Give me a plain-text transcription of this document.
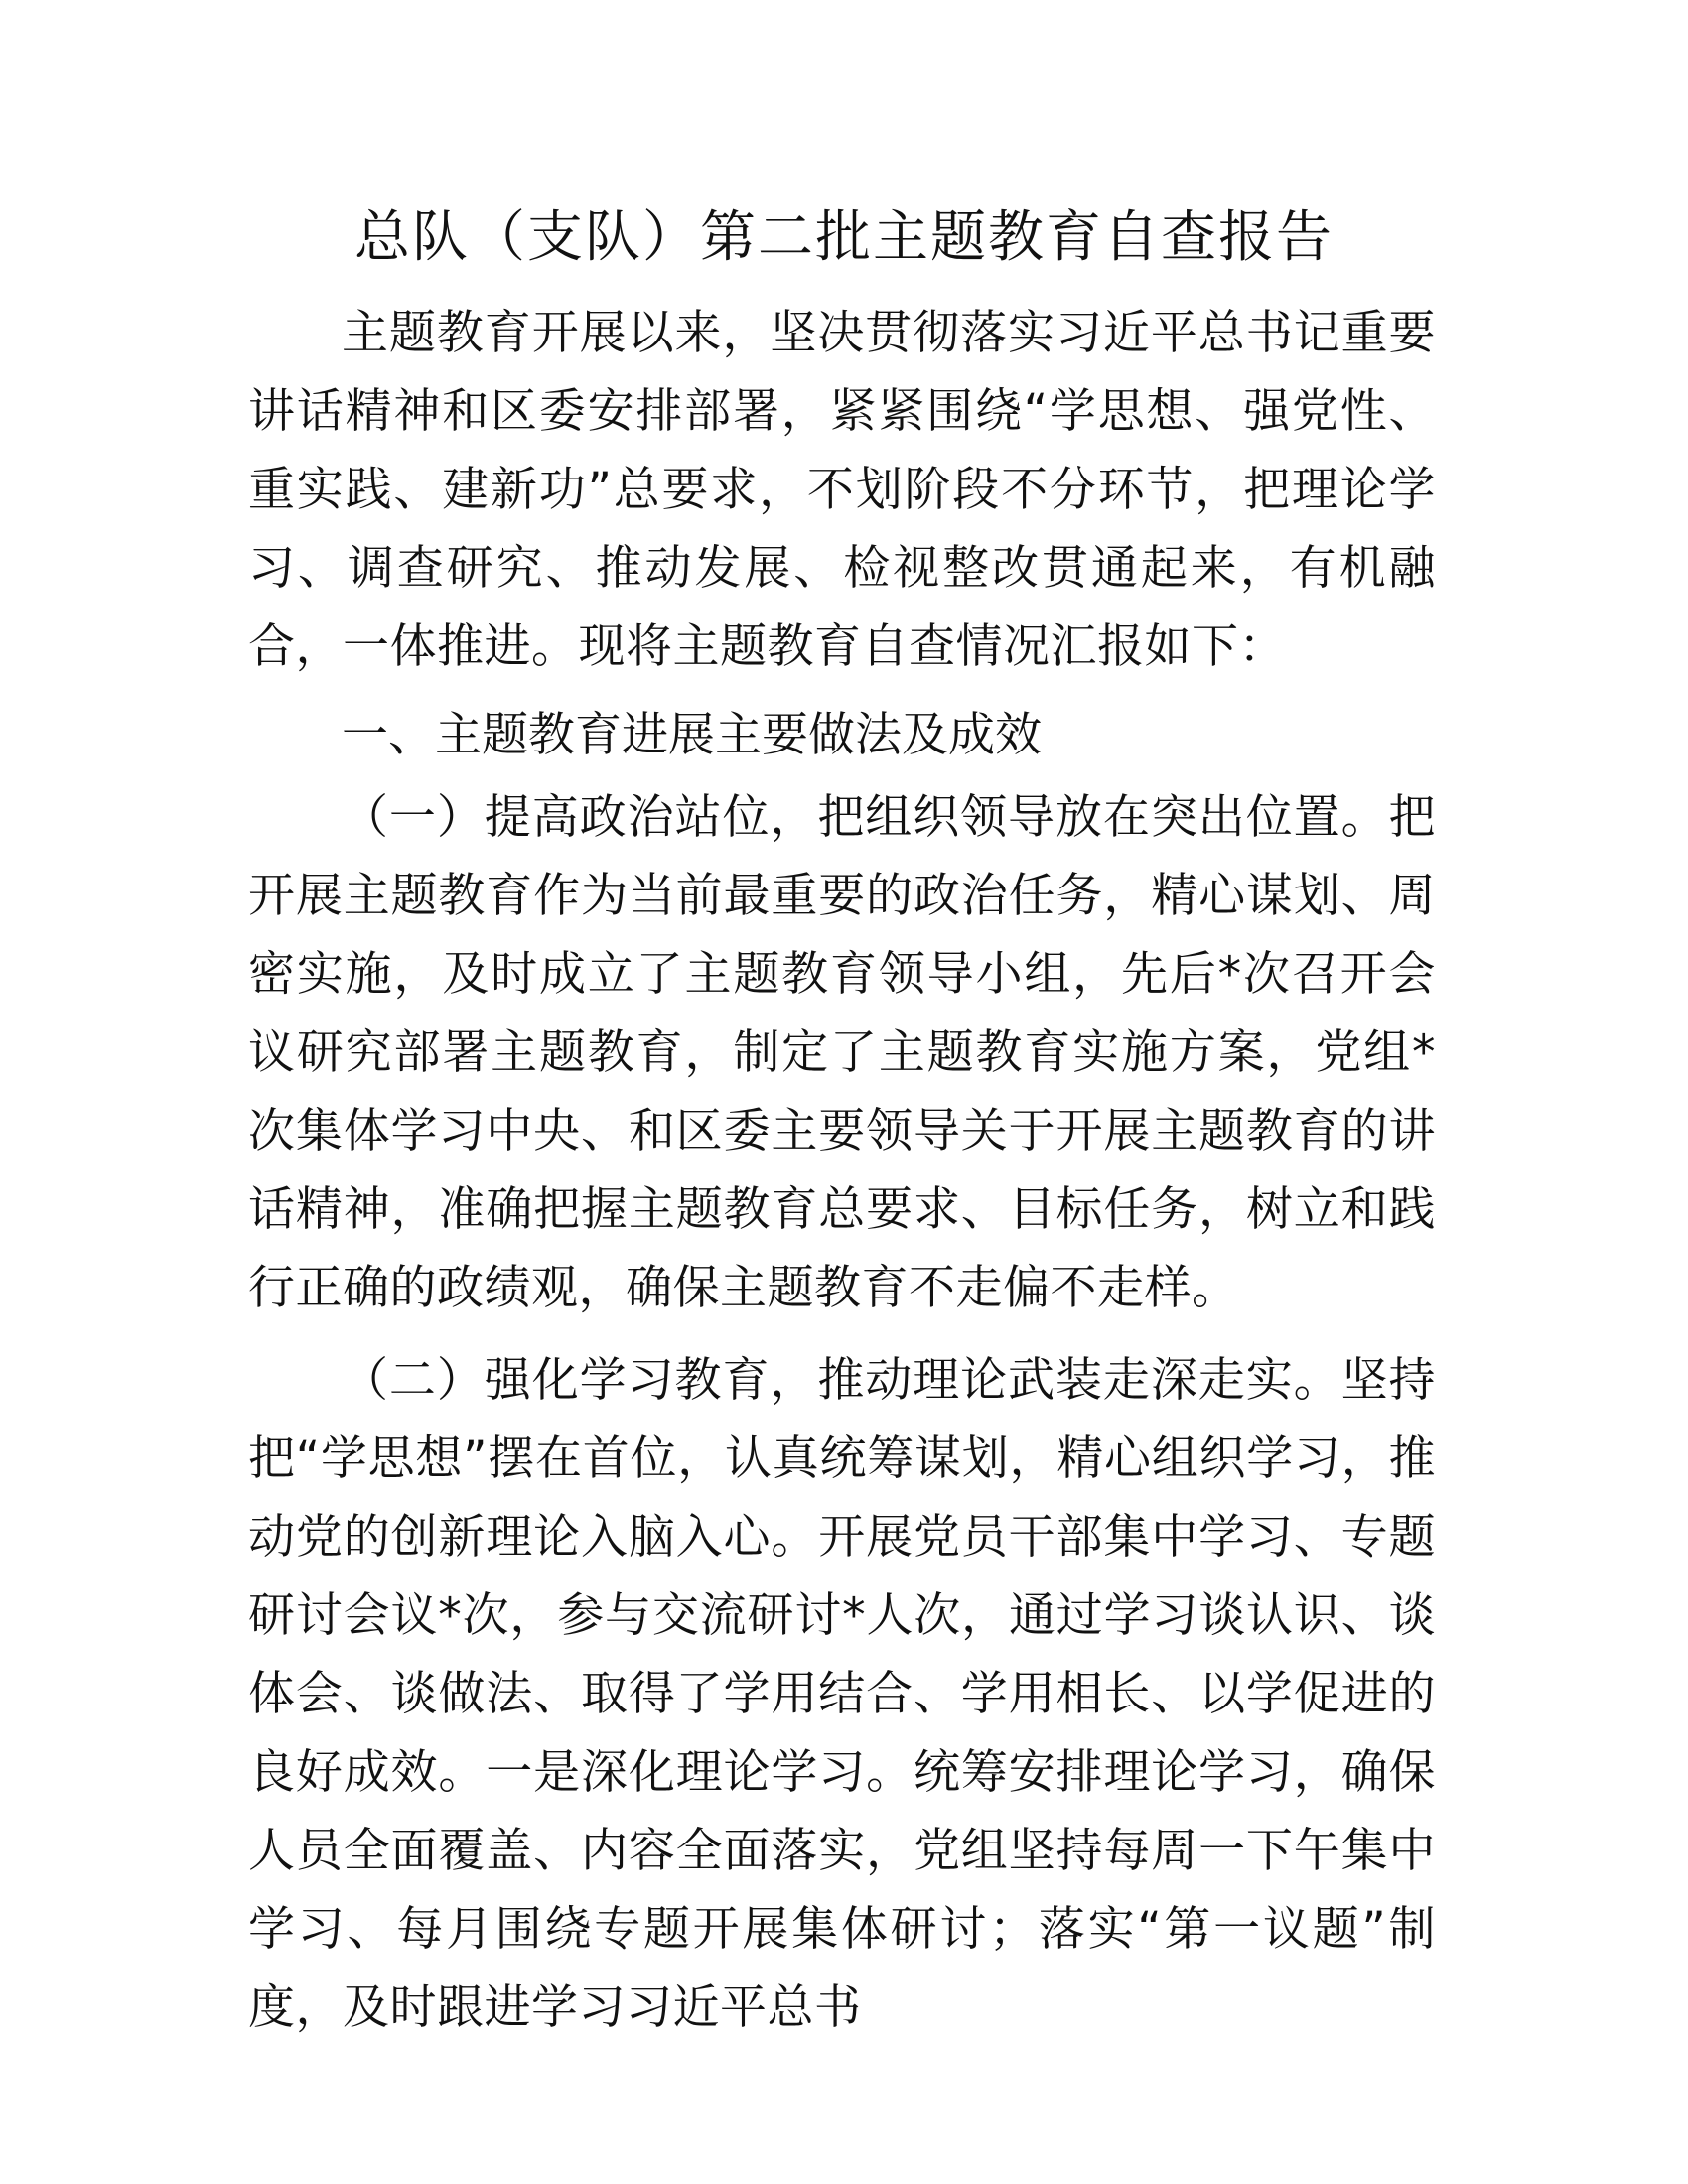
总队（支队）第二批主题教育自查报告

主题教育开展以来，坚决贯彻落实习近平总书记重要讲话精神和区委安排部署，紧紧围绕“学思想、强党性、重实践、建新功”总要求，不划阶段不分环节，把理论学习、调查研究、推动发展、检视整改贯通起来，有机融合，一体推进。现将主题教育自查情况汇报如下：

一、主题教育进展主要做法及成效

（一）提高政治站位，把组织领导放在突出位置。把开展主题教育作为当前最重要的政治任务，精心谋划、周密实施，及时成立了主题教育领导小组，先后*次召开会议研究部署主题教育，制定了主题教育实施方案，党组*次集体学习中央、和区委主要领导关于开展主题教育的讲话精神，准确把握主题教育总要求、目标任务，树立和践行正确的政绩观，确保主题教育不走偏不走样。

（二）强化学习教育，推动理论武装走深走实。坚持把“学思想”摆在首位，认真统筹谋划，精心组织学习，推动党的创新理论入脑入心。开展党员干部集中学习、专题研讨会议*次，参与交流研讨*人次，通过学习谈认识、谈体会、谈做法、取得了学用结合、学用相长、以学促进的良好成效。一是深化理论学习。统筹安排理论学习，确保人员全面覆盖、内容全面落实，党组坚持每周一下午集中学习、每月围绕专题开展集体研讨；落实“第一议题”制度，及时跟进学习习近平总书
